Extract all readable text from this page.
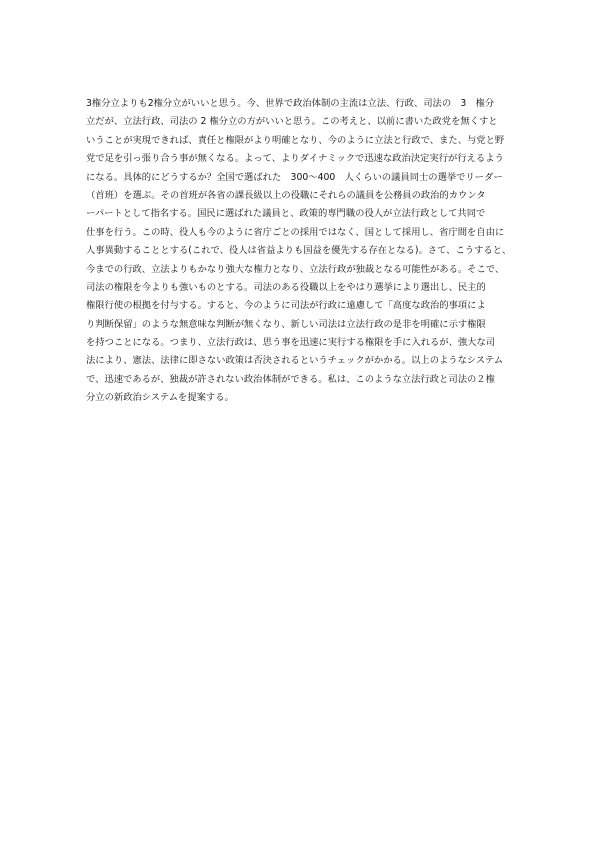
3権分立よりも2権分立がいいと思う。今、世界で政治体制の主流は立法、行政、司法の　3　権分
立だが、立法行政、司法の 2 権分立の方がいいと思う。この考えと、以前に書いた政党を無くすと
いうことが実現できれば、責任と権限がより明確となり、今のように立法と行政で、また、与党と野
党で足を引っ張り合う事が無くなる。よって、よりダイナミックで迅速な政治決定実行が行えるよう
になる。具体的にどうするか？全国で選ばれた　300～400　人くらいの議員同士の選挙でリーダー
（首班）を選ぶ。その首班が各省の課長級以上の役職にそれらの議員を公務員の政治的カウンタ
ーパートとして指名する。国民に選ばれた議員と、政策的専門職の役人が立法行政として共同で
仕事を行う。この時、役人も今のように省庁ごとの採用ではなく、国として採用し、省庁間を自由に
人事異動することとする(これで、役人は省益よりも国益を優先する存在となる)。さて、こうすると、
今までの行政、立法よりもかなり強大な権力となり、立法行政が独裁となる可能性がある。そこで、
司法の権限を今よりも強いものとする。司法のある役職以上をやはり選挙により選出し、民主的
権限行使の根拠を付与する。すると、今のように司法が行政に遠慮して「高度な政治的事項によ
り判断保留」のような無意味な判断が無くなり、新しい司法は立法行政の是非を明確に示す権限
を持つことになる。つまり、立法行政は、思う事を迅速に実行する権限を手に入れるが、強大な司
法により、憲法、法律に即さない政策は否決されるというチェックがかかる。以上のようなシステム
で、迅速であるが、独裁が許されない政治体制ができる。私は、このような立法行政と司法の２権
分立の新政治システムを提案する。
